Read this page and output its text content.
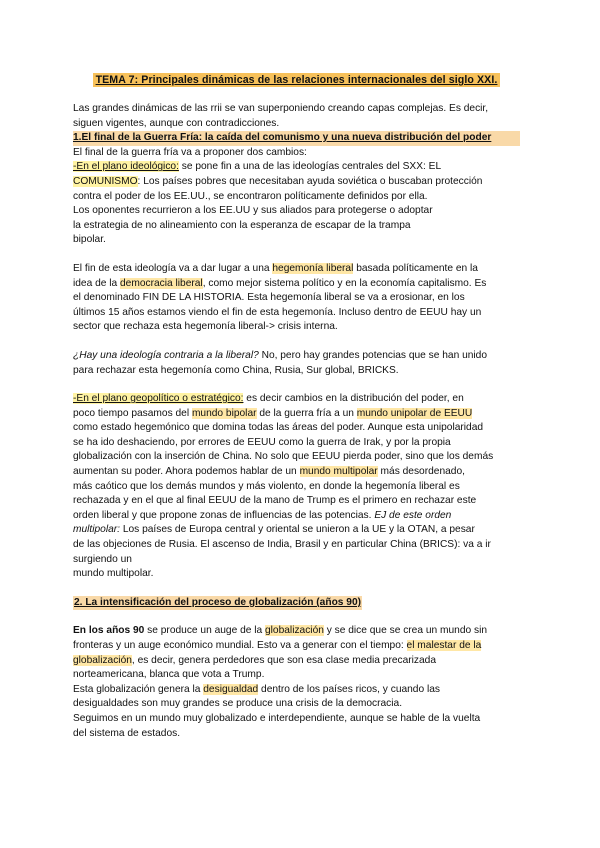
TEMA 7: Principales dinámicas de las relaciones internacionales del siglo XXI.

Las grandes dinámicas de las rrii se van superponiendo creando capas complejas. Es decir,

siguen vigentes, aunque con contradicciones.

1.El final de la Guerra Fría: la caída del comunismo y una nueva distribución del poder

El final de la guerra fría va a proponer dos cambios:

-En el plano ideológico: se pone fin a una de las ideologías centrales del SXX: EL

COMUNISMO: Los países pobres que necesitaban ayuda soviética o buscaban protección

contra el poder de los EE.UU., se encontraron políticamente definidos por ella.

Los oponentes recurrieron a los EE.UU y sus aliados para protegerse o adoptar

la estrategia de no alineamiento con la esperanza de escapar de la trampa

bipolar.

El fin de esta ideología va a dar lugar a una hegemonía liberal basada políticamente en la

idea de la democracia liberal, como mejor sistema político y en la economía capitalismo. Es

el denominado FIN DE LA HISTORIA. Esta hegemonía liberal se va a erosionar, en los

últimos 15 años estamos viendo el fin de esta hegemonía. Incluso dentro de EEUU hay un

sector que rechaza esta hegemonía liberal-> crisis interna.

¿Hay una ideología contraria a la liberal? No, pero hay grandes potencias que se han unido

para rechazar esta hegemonía como China, Rusia, Sur global, BRICKS.

-En el plano geopolítico o estratégico: es decir cambios en la distribución del poder, en

poco tiempo pasamos del mundo bipolar de la guerra fría a un mundo unipolar de EEUU

como estado hegemónico que domina todas las áreas del poder. Aunque esta unipolaridad

se ha ido deshaciendo, por errores de EEUU como la guerra de Irak, y por la propia

globalización con la inserción de China. No solo que EEUU pierda poder, sino que los demás

aumentan su poder. Ahora podemos hablar de un mundo multipolar más desordenado,

más caótico que los demás mundos y más violento, en donde la hegemonía liberal es

rechazada y en el que al final EEUU de la mano de Trump es el primero en rechazar este

orden liberal y que propone zonas de influencias de las potencias. EJ de este orden

multipolar: Los países de Europa central y oriental se unieron a la UE y la OTAN, a pesar

de las objeciones de Rusia. El ascenso de India, Brasil y en particular China (BRICS): va a ir

surgiendo un

mundo multipolar.

2. La intensificación del proceso de globalización (años 90)

En los años 90 se produce un auge de la globalización y se dice que se crea un mundo sin

fronteras y un auge económico mundial. Esto va a generar con el tiempo: el malestar de la

globalización, es decir, genera perdedores que son esa clase media precarizada

norteamericana, blanca que vota a Trump.

Esta globalización genera la desigualdad dentro de los países ricos, y cuando las

desigualdades son muy grandes se produce una crisis de la democracia.

Seguimos en un mundo muy globalizado e interdependiente, aunque se hable de la vuelta

del sistema de estados.
